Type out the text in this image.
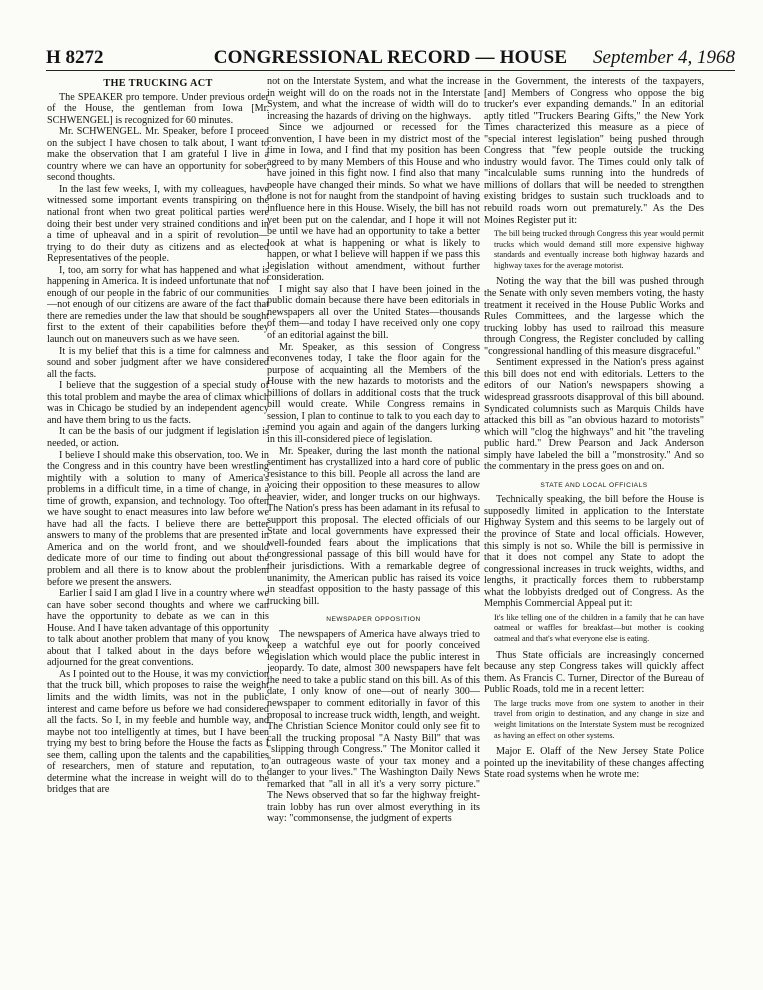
H 8272	CONGRESSIONAL RECORD — HOUSE	September 4, 1968
THE TRUCKING ACT

The SPEAKER pro tempore. Under previous order of the House, the gentleman from Iowa [Mr. SCHWENGEL] is recognized for 60 minutes.

Mr. SCHWENGEL. Mr. Speaker, before I proceed on the subject I have chosen to talk about, I want to make the observation that I am grateful I live in a country where we can have an opportunity for sober, second thoughts.

In the last few weeks, I, with my colleagues, have witnessed some important events transpiring on the national front when two great political parties were doing their best under very strained conditions and in a time of upheaval and in a spirit of revolution—trying to do their duty as citizens and as elected Representatives of the people.

I, too, am sorry for what has happened and what is happening in America. It is indeed unfortunate that not enough of our people in the fabric of our communities—not enough of our citizens are aware of the fact that there are remedies under the law that should be sought first to the extent of their capabilities before they launch out on maneuvers such as we have seen.

It is my belief that this is a time for calmness and sound and sober judgment after we have considered all the facts.

I believe that the suggestion of a special study of this total problem and maybe the area of climax which was in Chicago be studied by an independent agency and have them bring to us the facts.

It can be the basis of our judgment if legislation is needed, or action.

I believe I should make this observation, too. We in the Congress and in this country have been wrestling mightily with a solution to many of America's problems in a difficult time, in a time of change, in a time of growth, expansion, and technology. Too often we have sought to enact measures into law before we have had all the facts. I believe there are better answers to many of the problems that are presented in America and on the world front, and we should dedicate more of our time to finding out about the problem and all there is to know about the problem before we present the answers.

Earlier I said I am glad I live in a country where we can have sober second thoughts and where we can have the opportunity to debate as we can in this House. And I have taken advantage of this opportunity to talk about another problem that many of you know about that I talked about in the days before we adjourned for the great conventions.

As I pointed out to the House, it was my conviction that the truck bill, which proposes to raise the weight limits and the width limits, was not in the public interest and came before us before we had considered all the facts. So I, in my feeble and humble way, and maybe not too intelligently at times, but I have been trying my best to bring before the House the facts as I see them, calling upon the talents and the capabilities of researchers, men of stature and reputation, to determine what the increase in weight will do to the bridges that are

not on the Interstate System, and what the increase in weight will do on the roads not in the Interstate System, and what the increase of width will do to increasing the hazards of driving on the highways.

Since we adjourned or recessed for the convention, I have been in my district most of the time in Iowa, and I find that my position has been agreed to by many Members of this House and who have joined in this fight now. I find also that many people have changed their minds. So what we have done is not for naught from the standpoint of having influence here in this House. Wisely, the bill has not yet been put on the calendar, and I hope it will not be until we have had an opportunity to take a better look at what is happening or what is likely to happen, or what I believe will happen if we pass this legislation without amendment, without further consideration.

I might say also that I have been joined in the public domain because there have been editorials in newspapers all over the United States—thousands of them—and today I have received only one copy of an editorial against the bill.

Mr. Speaker, as this session of Congress reconvenes today, I take the floor again for the purpose of acquainting all the Members of the House with the new hazards to motorists and the billions of dollars in additional costs that the truck bill would create. While Congress remains in session, I plan to continue to talk to you each day to remind you again and again of the dangers lurking in this ill-considered piece of legislation.

Mr. Speaker, during the last month the national sentiment has crystallized into a hard core of public resistance to this bill. People all across the land are voicing their opposition to these measures to allow heavier, wider, and longer trucks on our highways. The Nation's press has been adamant in its refusal to support this proposal. The elected officials of our State and local governments have expressed their well-founded fears about the implications that congressional passage of this bill would have for their jurisdictions. With a remarkable degree of unanimity, the American public has raised its voice in steadfast opposition to the hasty passage of this trucking bill.

NEWSPAPER OPPOSITION

The newspapers of America have always tried to keep a watchful eye out for poorly conceived legislation which would place the public interest in jeopardy. To date, almost 300 newspapers have felt the need to take a public stand on this bill. As of this date, I only know of one—out of nearly 300—newspaper to comment editorially in favor of this proposal to increase truck width, length, and weight. The Christian Science Monitor could only see fit to call the trucking proposal "A Nasty Bill" that was "slipping through Congress." The Monitor called it "an outrageous waste of your tax money and a danger to your lives." The Washington Daily News remarked that "all in all it's a very sorry picture." The News observed that so far the highway freight-train lobby has run over almost everything in its way: "commonsense, the judgment of experts

in the Government, the interests of the taxpayers, [and] Members of Congress who oppose the big trucker's ever expanding demands." In an editorial aptly titled "Truckers Bearing Gifts," the New York Times characterized this measure as a piece of "special interest legislation" being pushed through Congress that "few people outside the trucking industry would favor. The Times could only talk of "incalculable sums running into the hundreds of millions of dollars that will be needed to strengthen existing bridges to sustain such truckloads and to rebuild roads worn out prematurely." As the Des Moines Register put it:

The bill being trucked through Congress this year would permit trucks which would demand still more expensive highway standards and eventually increase both highway hazards and highway taxes for the average motorist.

Noting the way that the bill was pushed through the Senate with only seven members voting, the hasty treatment it received in the House Public Works and Rules Committees, and the largesse which the trucking lobby has used to railroad this measure through Congress, the Register concluded by calling "congressional handling of this measure disgraceful."

Sentiment expressed in the Nation's press against this bill does not end with editorials. Letters to the editors of our Nation's newspapers showing a widespread grassroots disapproval of this bill abound. Syndicated columnists such as Marquis Childs have attacked this bill as "an obvious hazard to motorists" which will "clog the highways" and hit "the traveling public hard." Drew Pearson and Jack Anderson simply have labeled the bill a "monstrosity." And so the commentary in the press goes on and on.

STATE AND LOCAL OFFICIALS

Technically speaking, the bill before the House is supposedly limited in application to the Interstate Highway System and this seems to be largely out of the province of State and local officials. However, this simply is not so. While the bill is permissive in that it does not compel any State to adopt the congressional increases in truck weights, widths, and lengths, it practically forces them to rubberstamp what the lobbyists dredged out of Congress. As the Memphis Commercial Appeal put it:

It's like telling one of the children in a family that he can have oatmeal or waffles for breakfast—but mother is cooking oatmeal and that's what everyone else is eating.

Thus State officials are increasingly concerned because any step Congress takes will quickly affect them. As Francis C. Turner, Director of the Bureau of Public Roads, told me in a recent letter:

The large trucks move from one system to another in their travel from origin to destination, and any change in size and weight limitations on the Interstate System must be recognized as having an effect on other systems.

Major E. Olaff of the New Jersey State Police pointed up the inevitability of these changes affecting State road systems when he wrote me:
